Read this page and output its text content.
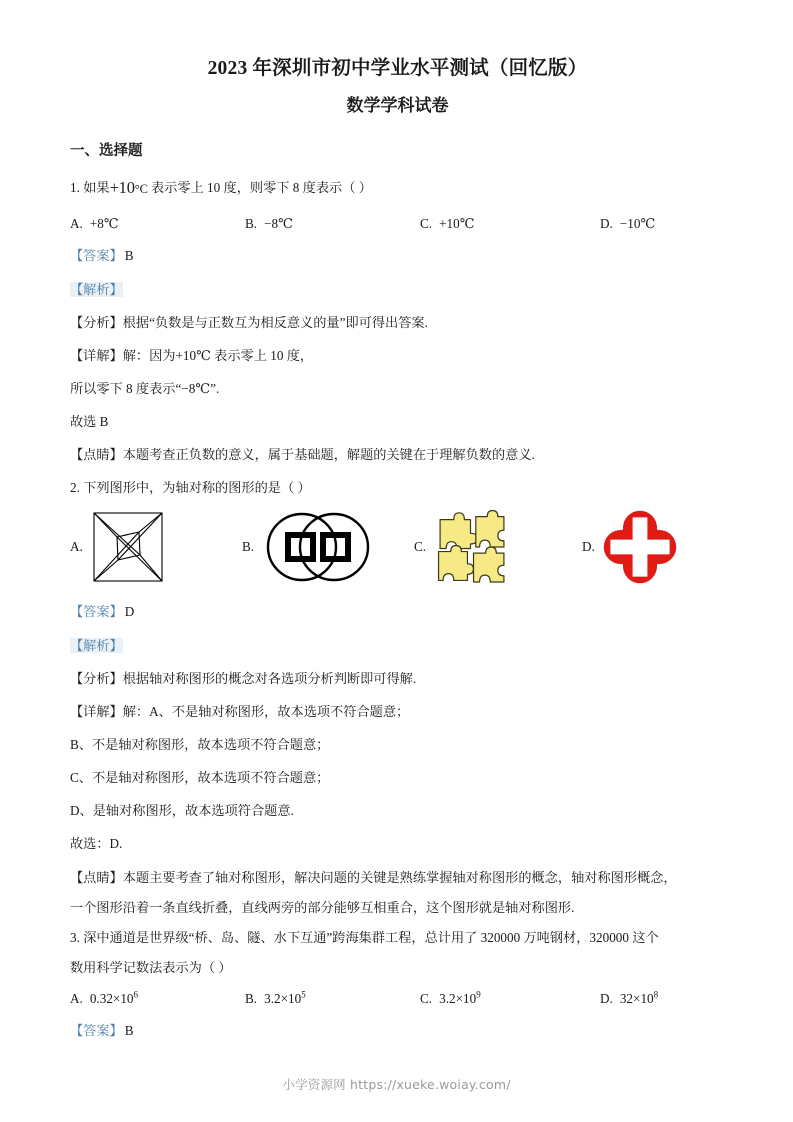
2023 年深圳市初中学业水平测试（回忆版）
数学学科试卷
一、选择题
1. 如果+10°C 表示零上 10 度，则零下 8 度表示（ ）
A. +8℃	B. −8℃	C. +10℃	D. −10℃
【答案】 B
【解析】
【分析】根据“负数是与正数互为相反意义的量”即可得出答案.
【详解】解：因为+10℃ 表示零上 10 度，
所以零下 8 度表示“−8℃”.
故选 B
【点睛】本题考查正负数的意义，属于基础题，解题的关键在于理解负数的意义.
2. 下列图形中，为轴对称的图形的是（ ）
A.	B.	C.	D.
【答案】 D
【解析】
【分析】根据轴对称图形的概念对各选项分析判断即可得解.
【详解】解：A、不是轴对称图形，故本选项不符合题意；
B、不是轴对称图形，故本选项不符合题意；
C、不是轴对称图形，故本选项不符合题意；
D、是轴对称图形，故本选项符合题意.
故选：D.
【点睛】本题主要考查了轴对称图形，解决问题的关键是熟练掌握轴对称图形的概念，轴对称图形概念，
一个图形沿着一条直线折叠，直线两旁的部分能够互相重合，这个图形就是轴对称图形.
3. 深中通道是世界级“桥、岛、隧、水下互通”跨海集群工程，总计用了 320000 万吨钢材，320000 这个
数用科学记数法表示为（ ）
A. $0.32\times 10^6$	B. $3.2\times 10^5$	C. $3.2\times 10^9$	D. $32\times 10^8$
【答案】 B
小学资源网 https://xueke.woiay.com/
